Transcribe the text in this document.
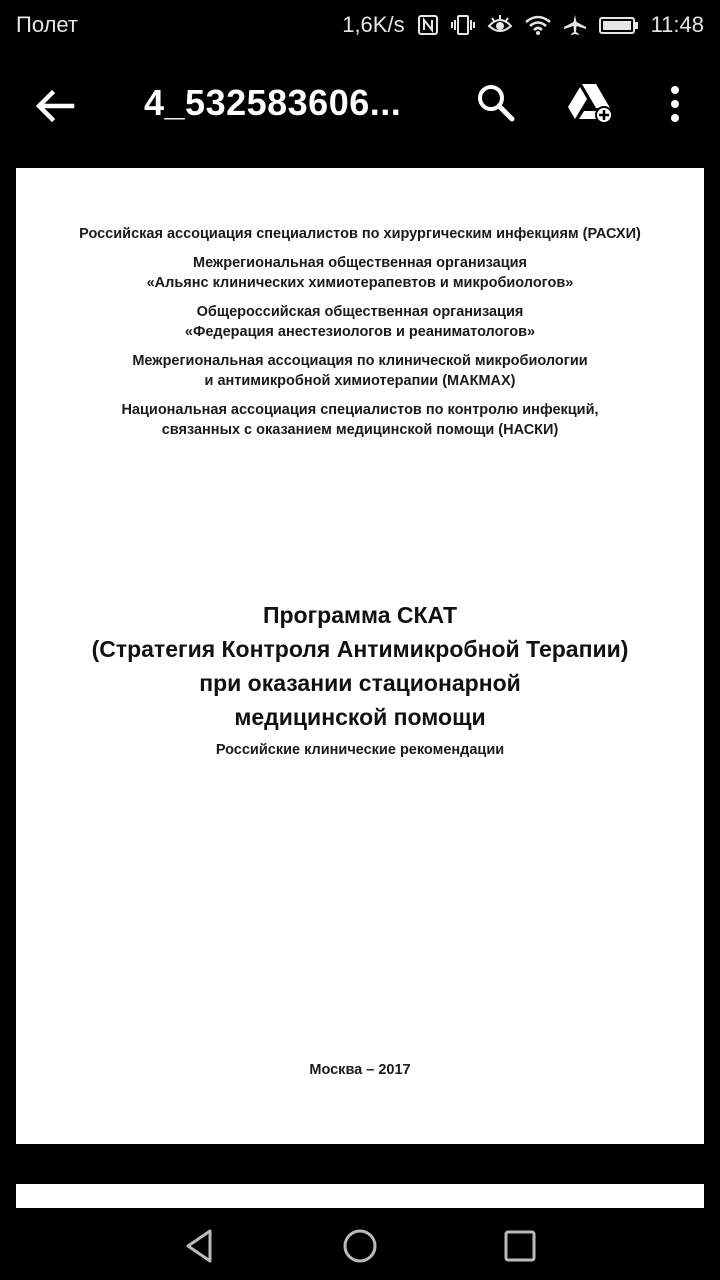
Полет	1,6K/s	11:48
4_532583606...
Российская ассоциация специалистов по хирургическим инфекциям (РАСХИ)
Межрегиональная общественная организация
«Альянс клинических химиотерапевтов и микробиологов»
Общероссийская общественная организация
«Федерация анестезиологов и реаниматологов»
Межрегиональная ассоциация по клинической микробиологии
и антимикробной химиотерапии (МАКМАХ)
Национальная ассоциация специалистов по контролю инфекций,
связанных с оказанием медицинской помощи (НАСКИ)
Программа СКАТ
(Стратегия Контроля Антимикробной Терапии)
при оказании стационарной
медицинской помощи
Российские клинические рекомендации
Москва – 2017
